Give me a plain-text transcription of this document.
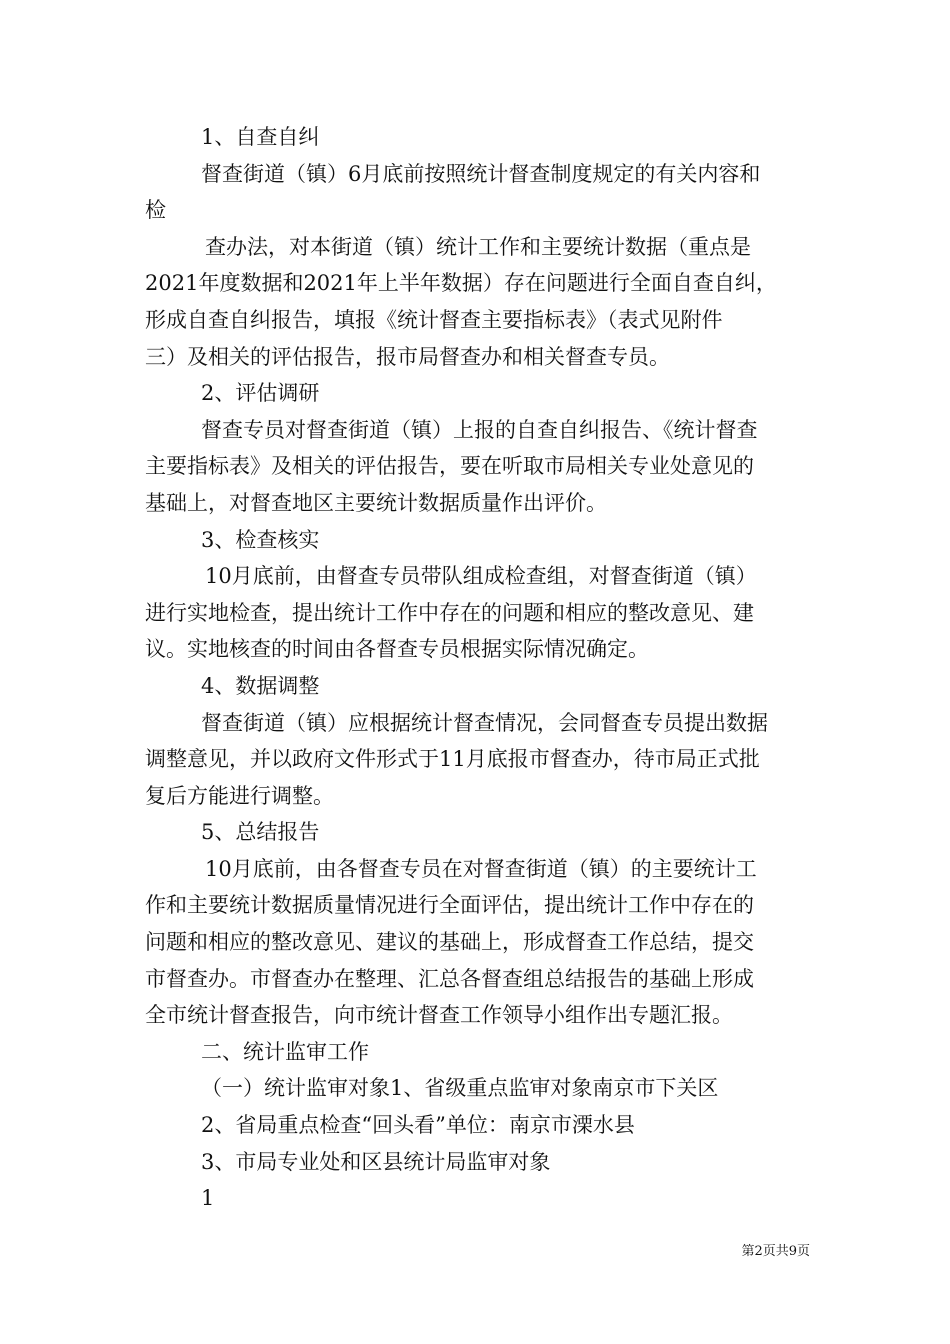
1、自查自纠
督查街道（镇）6月底前按照统计督查制度规定的有关内容和
检
查办法，对本街道（镇）统计工作和主要统计数据（重点是
2021年度数据和2021年上半年数据）存在问题进行全面自查自纠，
形成自查自纠报告，填报《统计督查主要指标表》（表式见附件
三）及相关的评估报告，报市局督查办和相关督查专员。
2、评估调研
督查专员对督查街道（镇）上报的自查自纠报告、《统计督查
主要指标表》及相关的评估报告，要在听取市局相关专业处意见的
基础上，对督查地区主要统计数据质量作出评价。
3、检查核实
10月底前，由督查专员带队组成检查组，对督查街道（镇）
进行实地检查，提出统计工作中存在的问题和相应的整改意见、建
议。实地核查的时间由各督查专员根据实际情况确定。
4、数据调整
督查街道（镇）应根据统计督查情况，会同督查专员提出数据
调整意见，并以政府文件形式于11月底报市督查办，待市局正式批
复后方能进行调整。
5、总结报告
10月底前，由各督查专员在对督查街道（镇）的主要统计工
作和主要统计数据质量情况进行全面评估，提出统计工作中存在的
问题和相应的整改意见、建议的基础上，形成督查工作总结，提交
市督查办。市督查办在整理、汇总各督查组总结报告的基础上形成
全市统计督查报告，向市统计督查工作领导小组作出专题汇报。
二、统计监审工作
（一）统计监审对象1、省级重点监审对象南京市下关区
2、省局重点检查“回头看”单位：南京市溧水县
3、市局专业处和区县统计局监审对象
1
第2页共9页
